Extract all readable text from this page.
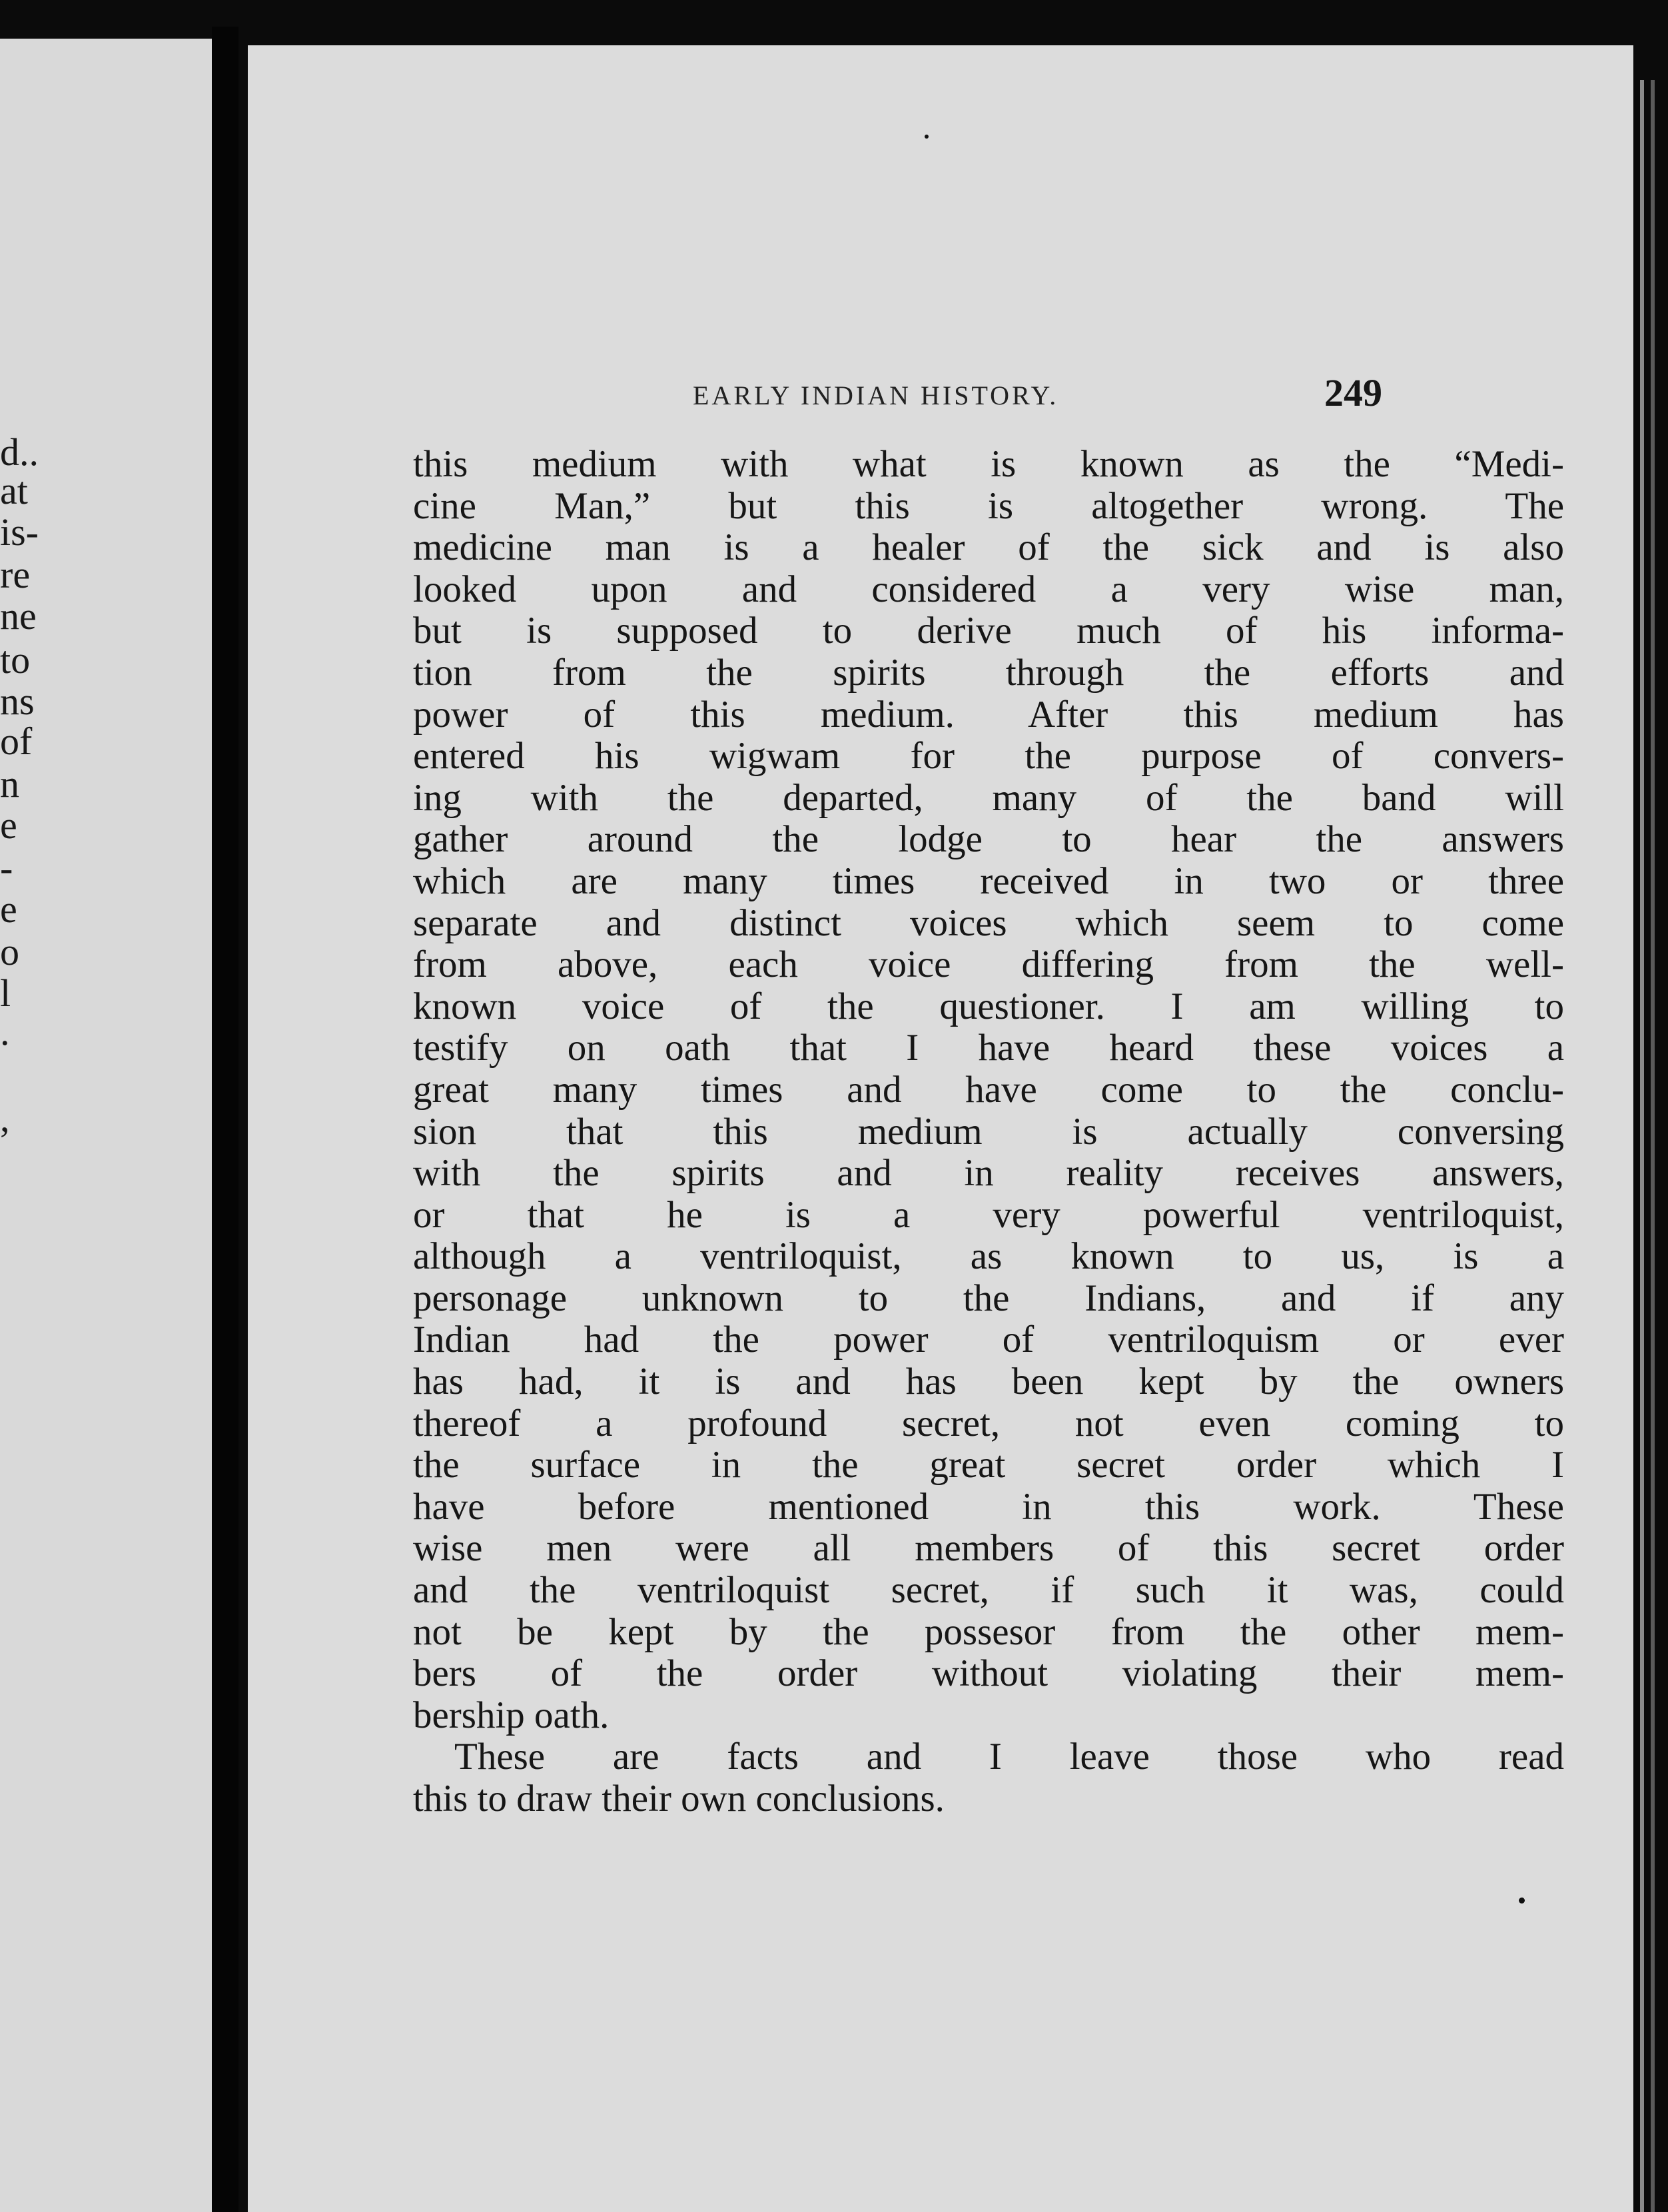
d..
at
is-
re
ne
to
ns
of
n
e
-
e
o
l
.
,
EARLY INDIAN HISTORY.	249
this medium with what is known as the “Medi-
cine Man,” but this is altogether wrong. The
medicine man is a healer of the sick and is also
looked upon and considered a very wise man,
but is supposed to derive much of his informa-
tion from the spirits through the efforts and
power of this medium. After this medium has
entered his wigwam for the purpose of convers-
ing with the departed, many of the band will
gather around the lodge to hear the answers
which are many times received in two or three
separate and distinct voices which seem to come
from above, each voice differing from the well-
known voice of the questioner. I am willing to
testify on oath that I have heard these voices a
great many times and have come to the conclu-
sion that this medium is actually conversing
with the spirits and in reality receives answers,
or that he is a very powerful ventriloquist,
although a ventriloquist, as known to us, is a
personage unknown to the Indians, and if any
Indian had the power of ventriloquism or ever
has had, it is and has been kept by the owners
thereof a profound secret, not even coming to
the surface in the great secret order which I
have before mentioned in this work. These
wise men were all members of this secret order
and the ventriloquist secret, if such it was, could
not be kept by the possesor from the other mem-
bers of the order without violating their mem-
bership oath.
These are facts and I leave those who read
this to draw their own conclusions.
